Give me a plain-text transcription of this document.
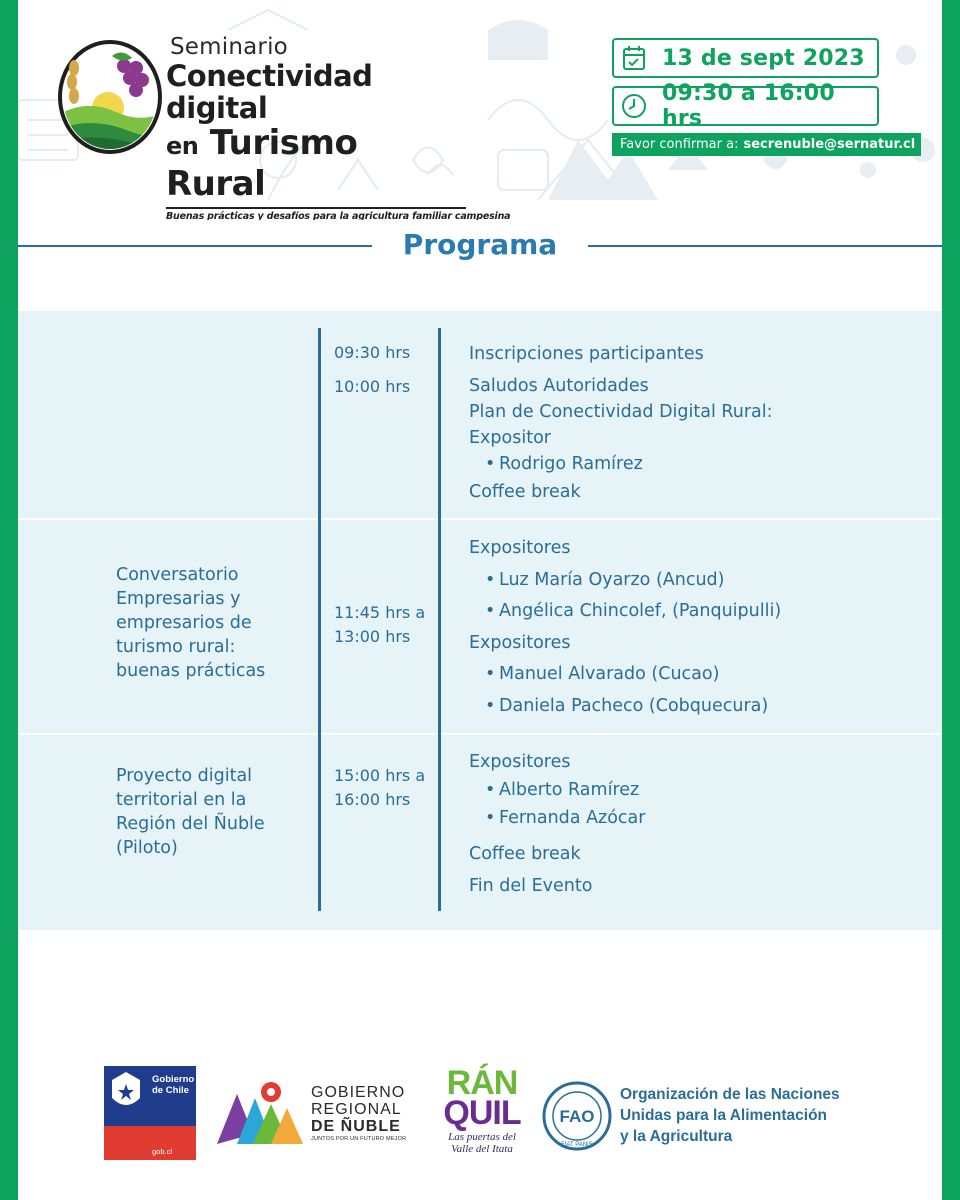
Seminario
Conectividad digital
en Turismo Rural
Buenas prácticas y desafíos para la agricultura familiar campesina
13 de sept 2023
09:30 a 16:00 hrs
Favor confirmar a: secrenuble@sernatur.cl
Programa
09:30 hrs
10:00 hrs
Inscripciones participantes
Saludos Autoridades
Plan de Conectividad Digital Rural:
Expositor
• Rodrigo Ramírez
Coffee break
Conversatorio
Empresarias y
empresarios de
turismo rural:
buenas prácticas
11:45 hrs a
13:00 hrs
Expositores
• Luz María Oyarzo (Ancud)
• Angélica Chincolef, (Panquipulli)
Expositores
• Manuel Alvarado (Cucao)
• Daniela Pacheco (Cobquecura)
Proyecto digital
territorial en la
Región del Ñuble
(Piloto)
15:00 hrs a
16:00 hrs
Expositores
• Alberto Ramírez
• Fernanda Azócar
Coffee break
Fin del Evento
Gobierno
de Chile
gob.cl
GOBIERNO
REGIONAL
DE ÑUBLE
JUNTOS POR UN FUTURO MEJOR
RÁN
QUIL
Las puertas del
Valle del Itata
FAO
FIAT PANIS
Organización de las Naciones
Unidas para la Alimentación
y la Agricultura
